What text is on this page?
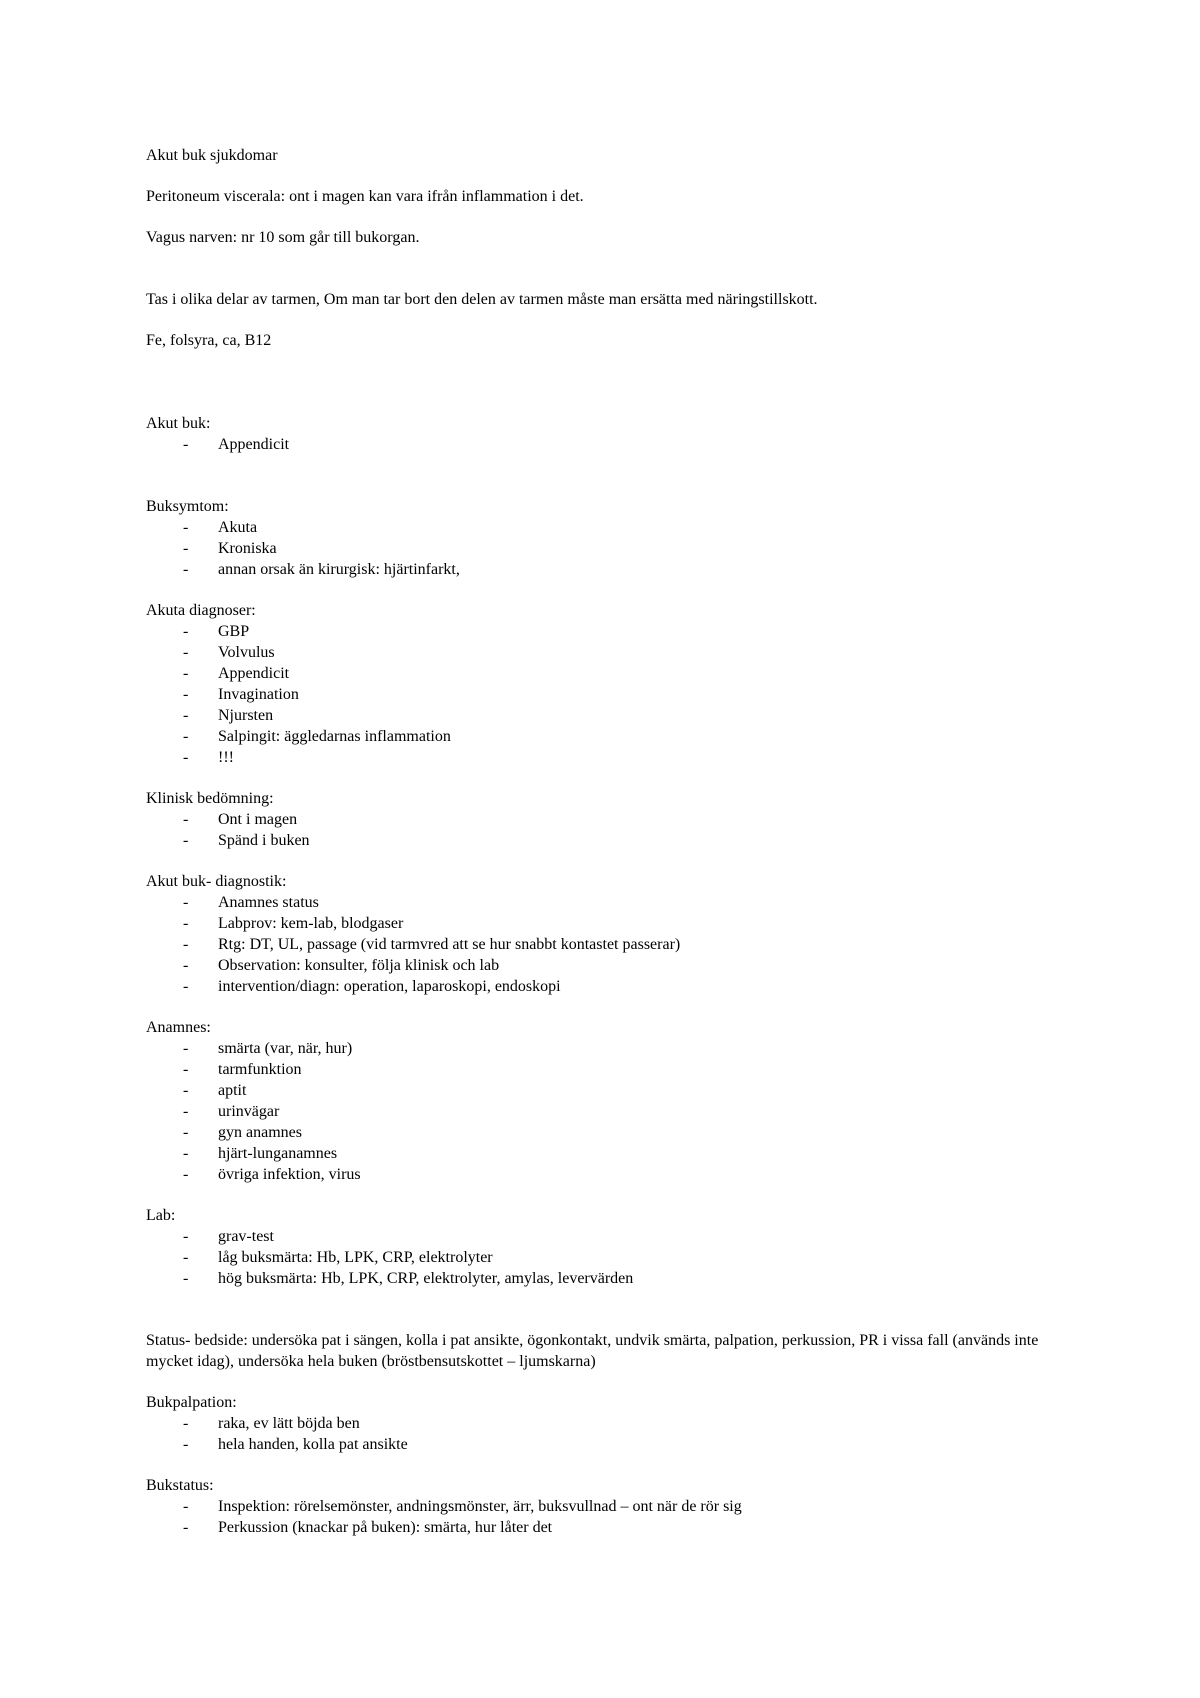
Akut buk sjukdomar

Peritoneum viscerala: ont i magen kan vara ifrån inflammation i det.

Vagus narven: nr 10 som går till bukorgan.

Tas i olika delar av tarmen, Om man tar bort den delen av tarmen måste man ersätta med näringstillskott.

Fe, folsyra, ca, B12

Akut buk:

- Appendicit

Buksymtom:

- Akuta
- Kroniska
- annan orsak än kirurgisk: hjärtinfarkt,

Akuta diagnoser:

- GBP
- Volvulus
- Appendicit
- Invagination
- Njursten
- Salpingit: äggledarnas inflammation
- !!!

Klinisk bedömning:

- Ont i magen
- Spänd i buken

Akut buk- diagnostik:

- Anamnes status
- Labprov: kem-lab, blodgaser
- Rtg: DT, UL, passage (vid tarmvred att se hur snabbt kontastet passerar)
- Observation: konsulter, följa klinisk och lab
- intervention/diagn: operation, laparoskopi, endoskopi

Anamnes:

- smärta (var, när, hur)
- tarmfunktion
- aptit
- urinvägar
- gyn anamnes
- hjärt-lunganamnes
- övriga infektion, virus

Lab:

- grav-test
- låg buksmärta: Hb, LPK, CRP, elektrolyter
- hög buksmärta: Hb, LPK, CRP, elektrolyter, amylas, levervärden

Status- bedside: undersöka pat i sängen, kolla i pat ansikte, ögonkontakt, undvik smärta, palpation, perkussion, PR i vissa fall (används inte mycket idag), undersöka hela buken (bröstbensutskottet – ljumskarna)

Bukpalpation:

- raka, ev lätt böjda ben
- hela handen, kolla pat ansikte

Bukstatus:

- Inspektion: rörelsemönster, andningsmönster, ärr, buksvullnad – ont när de rör sig
- Perkussion (knackar på buken): smärta, hur låter det
